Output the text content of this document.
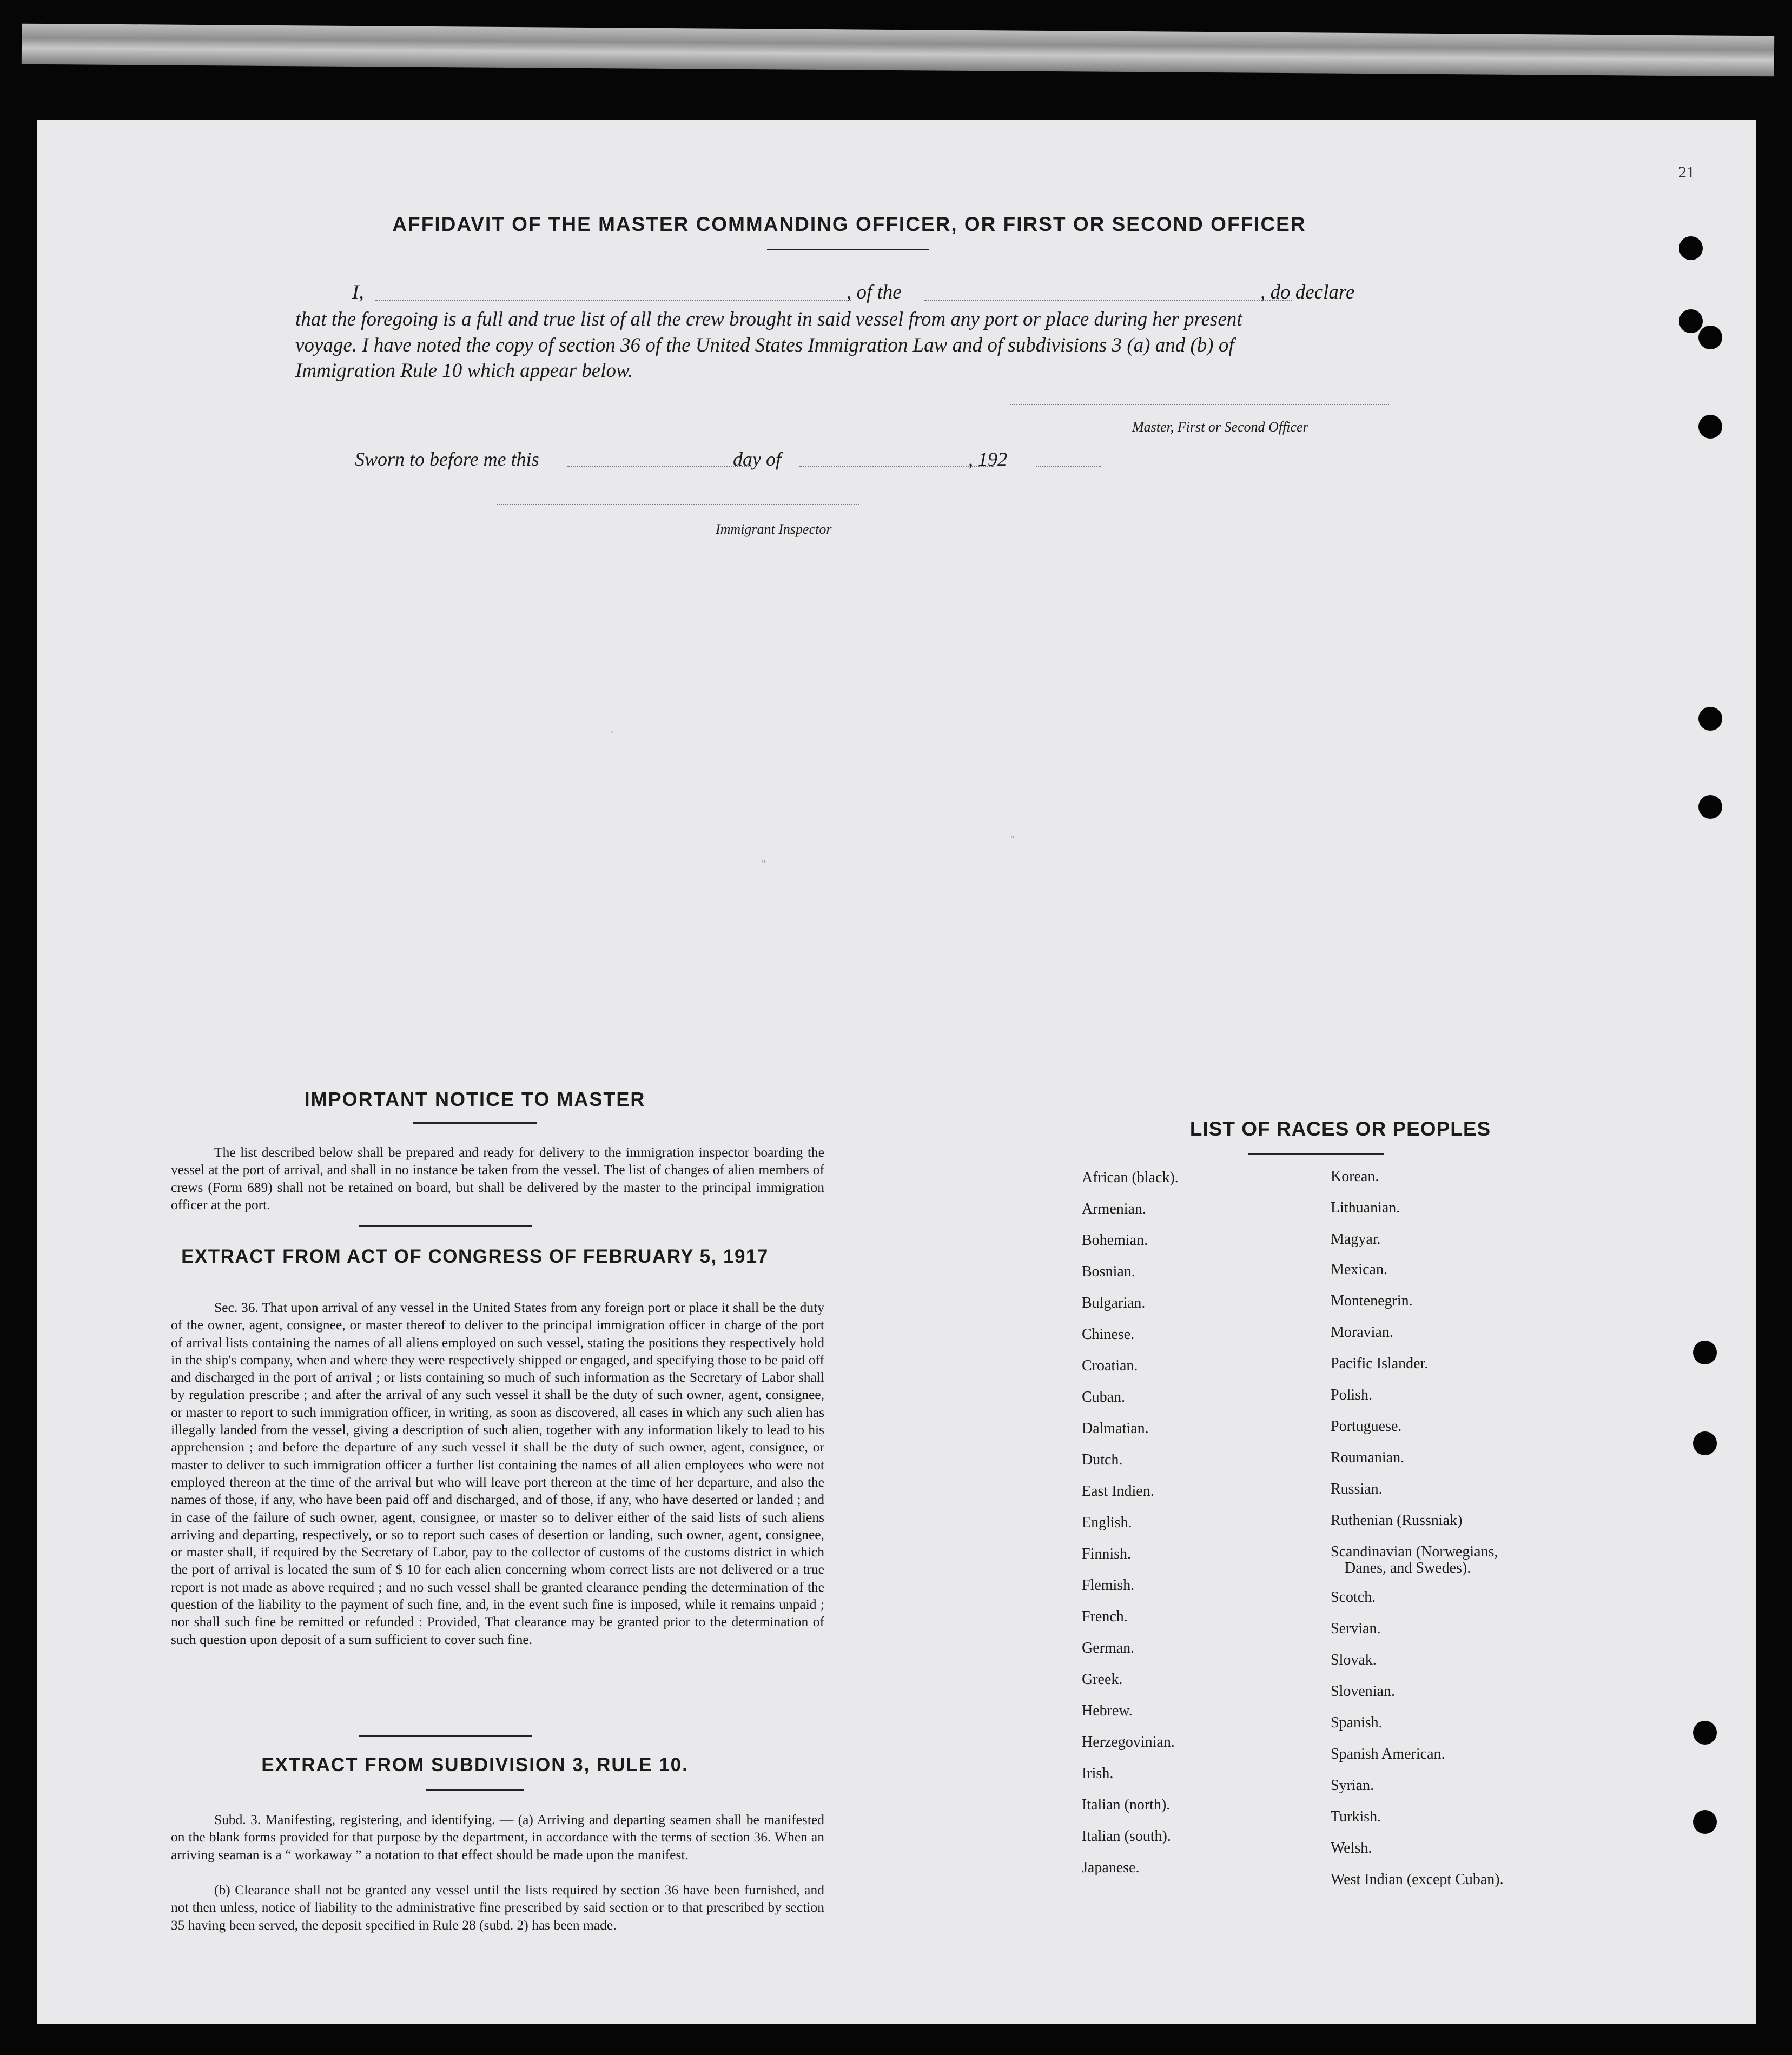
21
AFFIDAVIT OF THE MASTER COMMANDING OFFICER, OR FIRST OR SECOND OFFICER
I,	, of the	, do declare
that the foregoing is a full and true list of all the crew brought in said vessel from any port or place during her present
voyage. I have noted the copy of section 36 of the United States Immigration Law and of subdivisions 3 (a) and (b) of
Immigration Rule 10 which appear below.
Master, First or Second Officer
Sworn to before me this	day of	, 192
Immigrant Inspector
"
"
"
IMPORTANT NOTICE TO MASTER
The list described below shall be prepared and ready for delivery to the immigration inspector boarding the vessel at the port of arrival, and shall in no instance be taken from the vessel. The list of changes of alien members of crews (Form 689) shall not be retained on board, but shall be delivered by the master to the principal immigration officer at the port.
EXTRACT FROM ACT OF CONGRESS OF FEBRUARY 5, 1917
Sec. 36. That upon arrival of any vessel in the United States from any foreign port or place it shall be the duty of the owner, agent, consignee, or master thereof to deliver to the principal immigration officer in charge of the port of arrival lists containing the names of all aliens employed on such vessel, stating the positions they respectively hold in the ship's company, when and where they were respectively shipped or engaged, and specifying those to be paid off and discharged in the port of arrival ; or lists containing so much of such information as the Secretary of Labor shall by regulation prescribe ; and after the arrival of any such vessel it shall be the duty of such owner, agent, consignee, or master to report to such immigration officer, in writing, as soon as discovered, all cases in which any such alien has illegally landed from the vessel, giving a description of such alien, together with any information likely to lead to his apprehension ; and before the departure of any such vessel it shall be the duty of such owner, agent, consignee, or master to deliver to such immigration officer a further list containing the names of all alien employees who were not employed thereon at the time of the arrival but who will leave port thereon at the time of her departure, and also the names of those, if any, who have been paid off and discharged, and of those, if any, who have deserted or landed ; and in case of the failure of such owner, agent, consignee, or master so to deliver either of the said lists of such aliens arriving and departing, respectively, or so to report such cases of desertion or landing, such owner, agent, consignee, or master shall, if required by the Secretary of Labor, pay to the collector of customs of the customs district in which the port of arrival is located the sum of $ 10 for each alien concerning whom correct lists are not delivered or a true report is not made as above required ; and no such vessel shall be granted clearance pending the determination of the question of the liability to the payment of such fine, and, in the event such fine is imposed, while it remains unpaid ; nor shall such fine be remitted or refunded : Provided, That clearance may be granted prior to the determination of such question upon deposit of a sum sufficient to cover such fine.
EXTRACT FROM SUBDIVISION 3, RULE 10.
Subd. 3. Manifesting, registering, and identifying. — (a) Arriving and departing seamen shall be manifested on the blank forms provided for that purpose by the department, in accordance with the terms of section 36. When an arriving seaman is a “ workaway ” a notation to that effect should be made upon the manifest.
(b) Clearance shall not be granted any vessel until the lists required by section 36 have been furnished, and not then unless, notice of liability to the administrative fine prescribed by said section or to that prescribed by section 35 having been served, the deposit specified in Rule 28 (subd. 2) has been made.
LIST OF RACES OR PEOPLES
African (black).
Armenian.
Bohemian.
Bosnian.
Bulgarian.
Chinese.
Croatian.
Cuban.
Dalmatian.
Dutch.
East Indien.
English.
Finnish.
Flemish.
French.
German.
Greek.
Hebrew.
Herzegovinian.
Irish.
Italian (north).
Italian (south).
Japanese.
Korean.
Lithuanian.
Magyar.
Mexican.
Montenegrin.
Moravian.
Pacific Islander.
Polish.
Portuguese.
Roumanian.
Russian.
Ruthenian (Russniak)
Scandinavian (Norwegians,
Danes, and Swedes).
Scotch.
Servian.
Slovak.
Slovenian.
Spanish.
Spanish American.
Syrian.
Turkish.
Welsh.
West Indian (except Cuban).
